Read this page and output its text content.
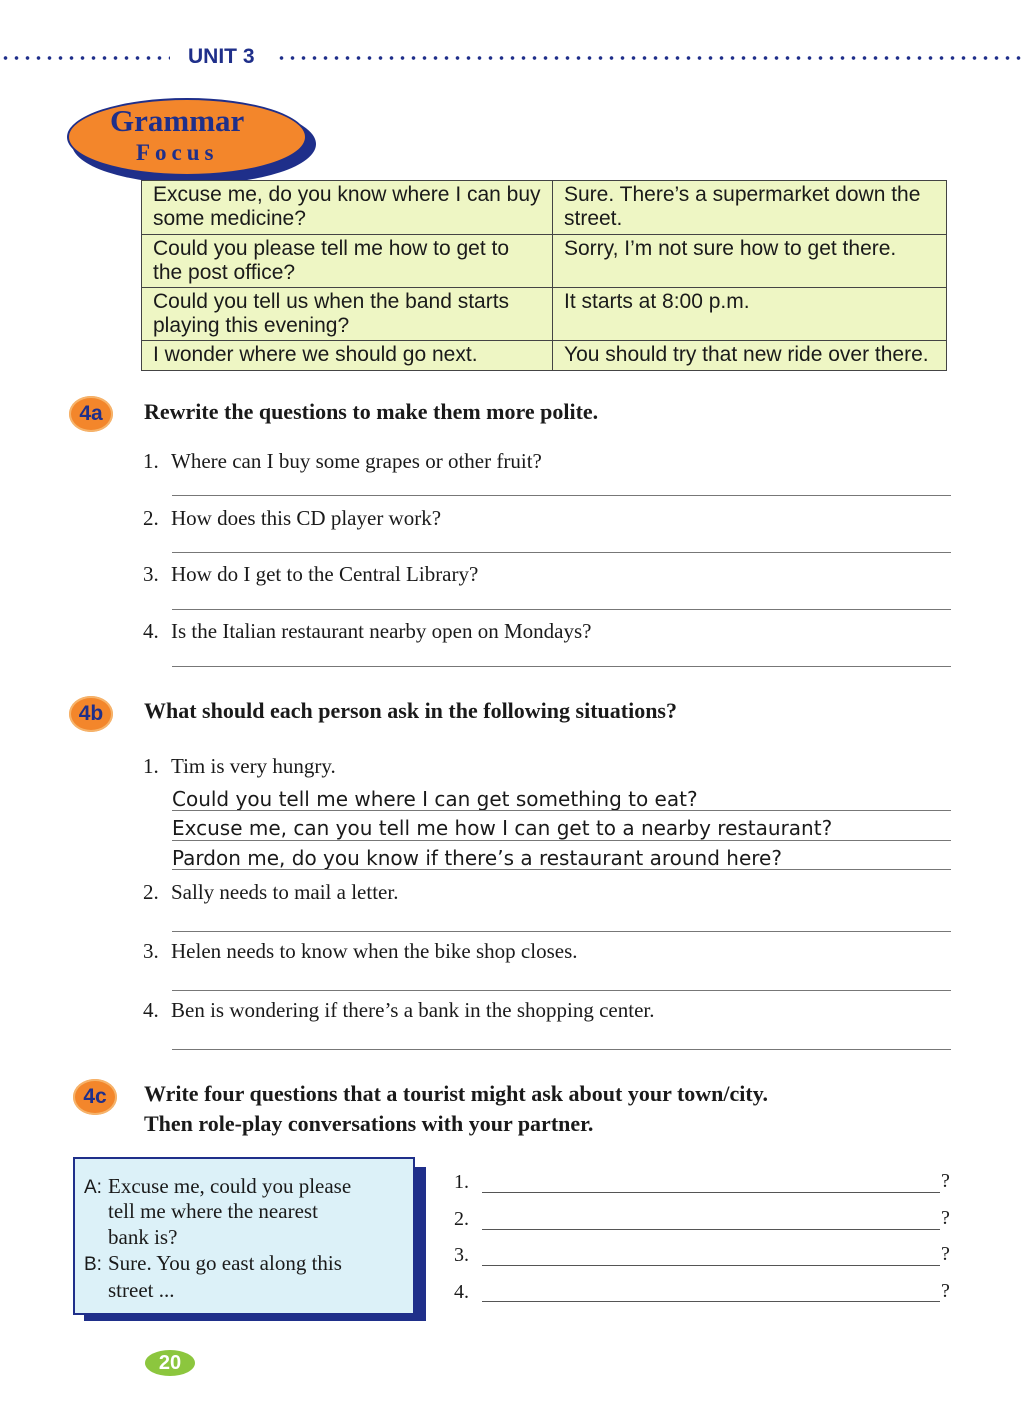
UNIT 3
Grammar
Focus
Excuse me, do you know where I can buy some medicine?	Sure. There’s a supermarket down the street.
Could you please tell me how to get to the post office?	Sorry, I’m not sure how to get there.
Could you tell us when the band starts playing this evening?	It starts at 8:00 p.m.
I wonder where we should go next.	You should try that new ride over there.
4a	Rewrite the questions to make them more polite.
1. Where can I buy some grapes or other fruit?
2. How does this CD player work?
3. How do I get to the Central Library?
4. Is the Italian restaurant nearby open on Mondays?
4b	What should each person ask in the following situations?
1. Tim is very hungry.
Could you tell me where I can get something to eat?
Excuse me, can you tell me how I can get to a nearby restaurant?
Pardon me, do you know if there’s a restaurant around here?
2. Sally needs to mail a letter.
3. Helen needs to know when the bike shop closes.
4. Ben is wondering if there’s a bank in the shopping center.
4c	Write four questions that a tourist might ask about your town/city.
Then role-play conversations with your partner.
A: Excuse me, could you please
tell me where the nearest
bank is?
B: Sure. You go east along this
street ...
1.	?
2.	?
3.	?
4.	?
20
